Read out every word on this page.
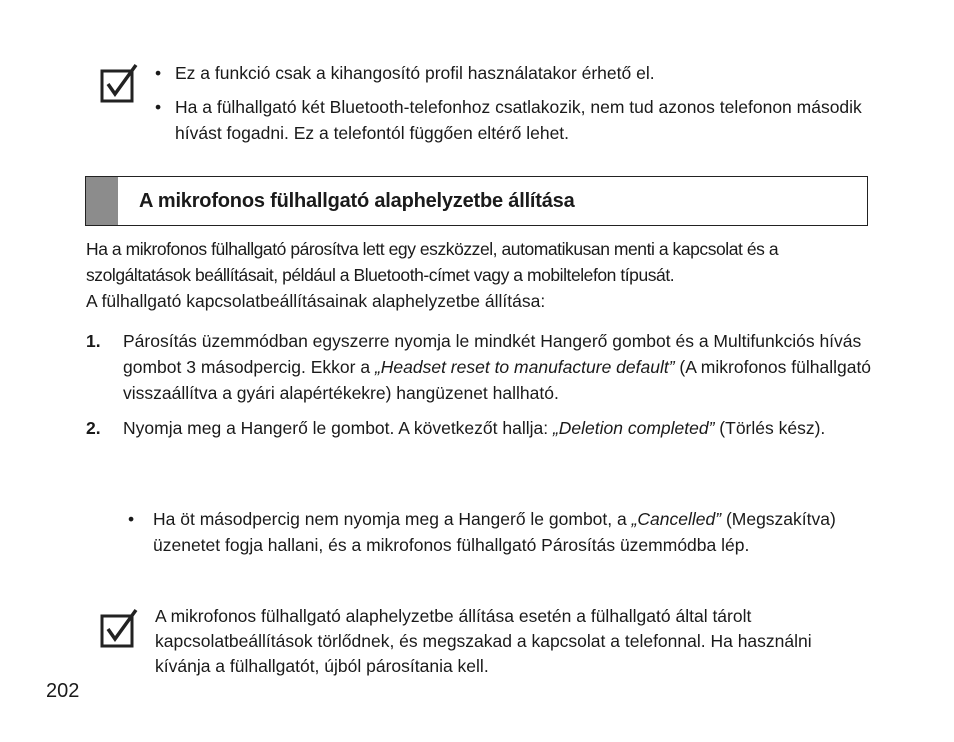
• Ez a funkció csak a kihangosító profil használatakor érhető el.
• Ha a fülhallgató két Bluetooth-telefonhoz csatlakozik, nem tud azonos telefonon második hívást fogadni. Ez a telefontól függően eltérő lehet.
A mikrofonos fülhallgató alaphelyzetbe állítása

Ha a mikrofonos fülhallgató párosítva lett egy eszközzel, automatikusan menti a kapcsolat és a szolgáltatások beállításait, például a Bluetooth-címet vagy a mobiltelefon típusát.

A fülhallgató kapcsolatbeállításainak alaphelyzetbe állítása:

1. Párosítás üzemmódban egyszerre nyomja le mindkét Hangerő gombot és a Multifunkciós hívás gombot 3 másodpercig. Ekkor a „Headset reset to manufacture default” (A mikrofonos fülhallgató visszaállítva a gyári alapértékekre) hangüzenet hallható.
2. Nyomja meg a Hangerő le gombot. A következőt hallja: „Deletion completed” (Törlés kész).
• Ha öt másodpercig nem nyomja meg a Hangerő le gombot, a „Cancelled” (Megszakítva) üzenetet fogja hallani, és a mikrofonos fülhallgató Párosítás üzemmódba lép.
A mikrofonos fülhallgató alaphelyzetbe állítása esetén a fülhallgató által tárolt kapcsolatbeállítások törlődnek, és megszakad a kapcsolat a telefonnal. Ha használni kívánja a fülhallgatót, újból párosítania kell.
202
